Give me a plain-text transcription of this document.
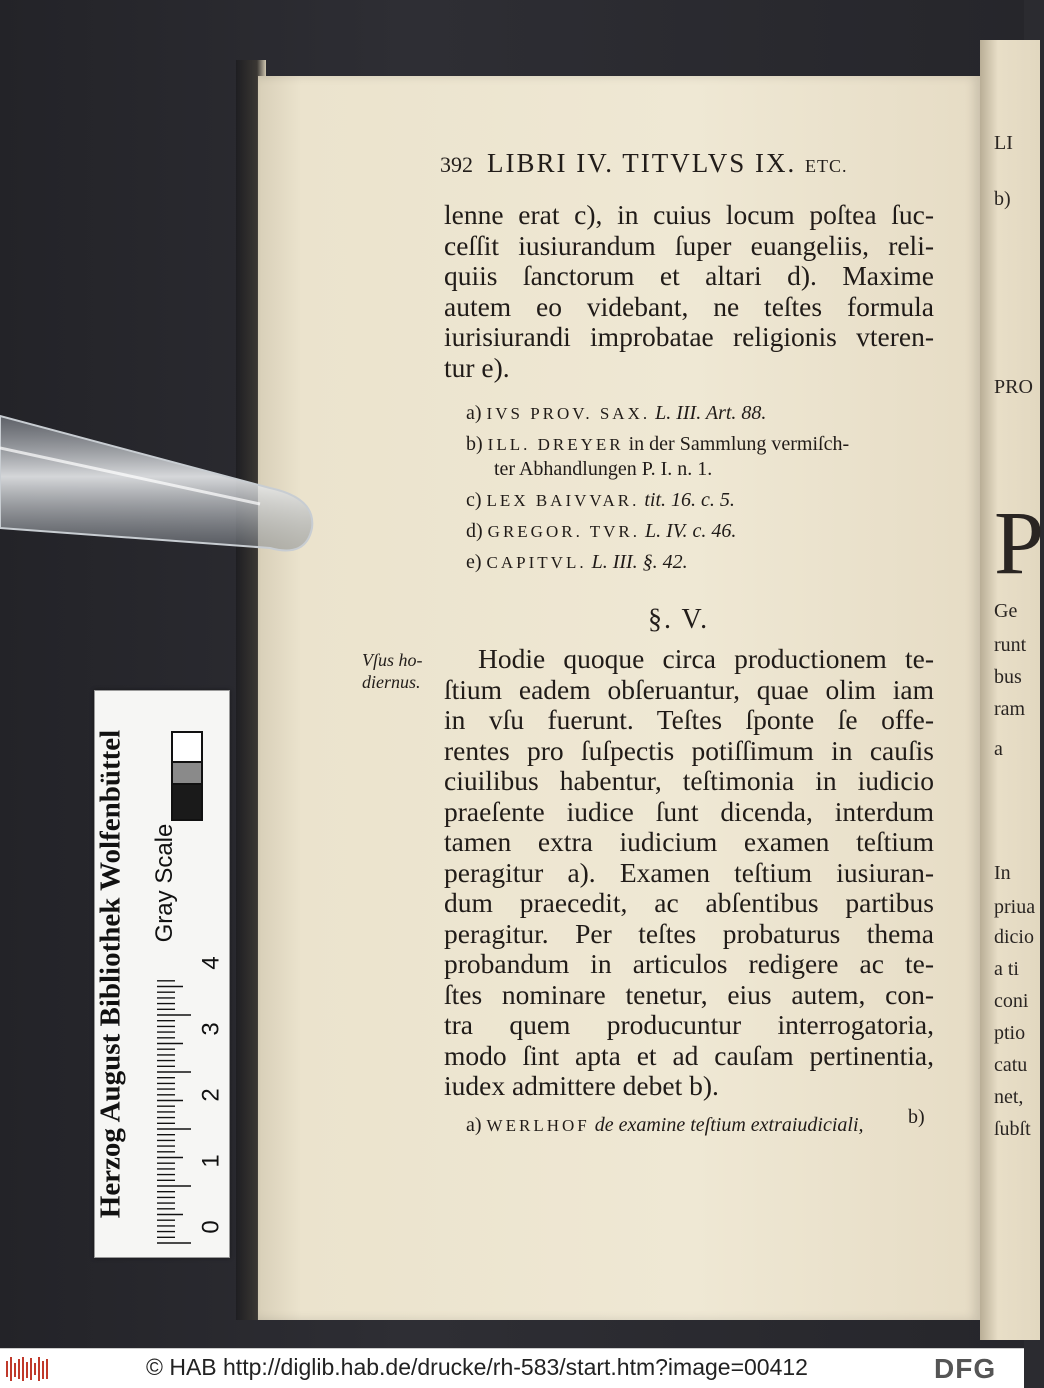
392 LIBRI IV. TITVLVS IX. ETC.
lenne erat c), in cuius locum poſtea ſuc-
ceſſit iusiurandum ſuper euangeliis, reli-
quiis ſanctorum et altari d). Maxime
autem eo videbant, ne teſtes formula
iurisiurandi improbatae religionis vteren-
tur e).
a) IVS PROV. SAX. L. III. Art. 88.
b) ILL. DREYER in der Sammlung vermiſch-
ter Abhandlungen P. I. n. 1.
c) LEX BAIVVAR. tit. 16. c. 5.
d) GREGOR. TVR. L. IV. c. 46.
e) CAPITVL. L. III. §. 42.
§. V.
Vſus ho-
diernus.
Hodie quoque circa productionem te-
ſtium eadem obſeruantur, quae olim iam
in vſu fuerunt. Teſtes ſponte ſe offe-
rentes pro ſuſpectis potiſſimum in cauſis
ciuilibus habentur, teſtimonia in iudicio
praeſente iudice ſunt dicenda, interdum
tamen extra iudicium examen teſtium
peragitur a). Examen teſtium iusiuran-
dum praecedit, ac abſentibus partibus
peragitur. Per teſtes probaturus thema
probandum in articulos redigere ac te-
ſtes nominare tenetur, eius autem, con-
tra quem producuntur interrogatoria,
modo ſint apta et ad cauſam pertinentia,
iudex admittere debet b).
a) WERLHOF de examine teſtium extraiudiciali,	b)
LI
b)
PRO
P
Ge
runt
bus
ram
a
In
priua
dicio
a ti
coni
ptio
catu
net,
ſubſt
Herzog August Bibliothek Wolfenbüttel Gray Scale
0
1
2
3
4
© HAB http://diglib.hab.de/drucke/rh-583/start.htm?image=00412	DFG
